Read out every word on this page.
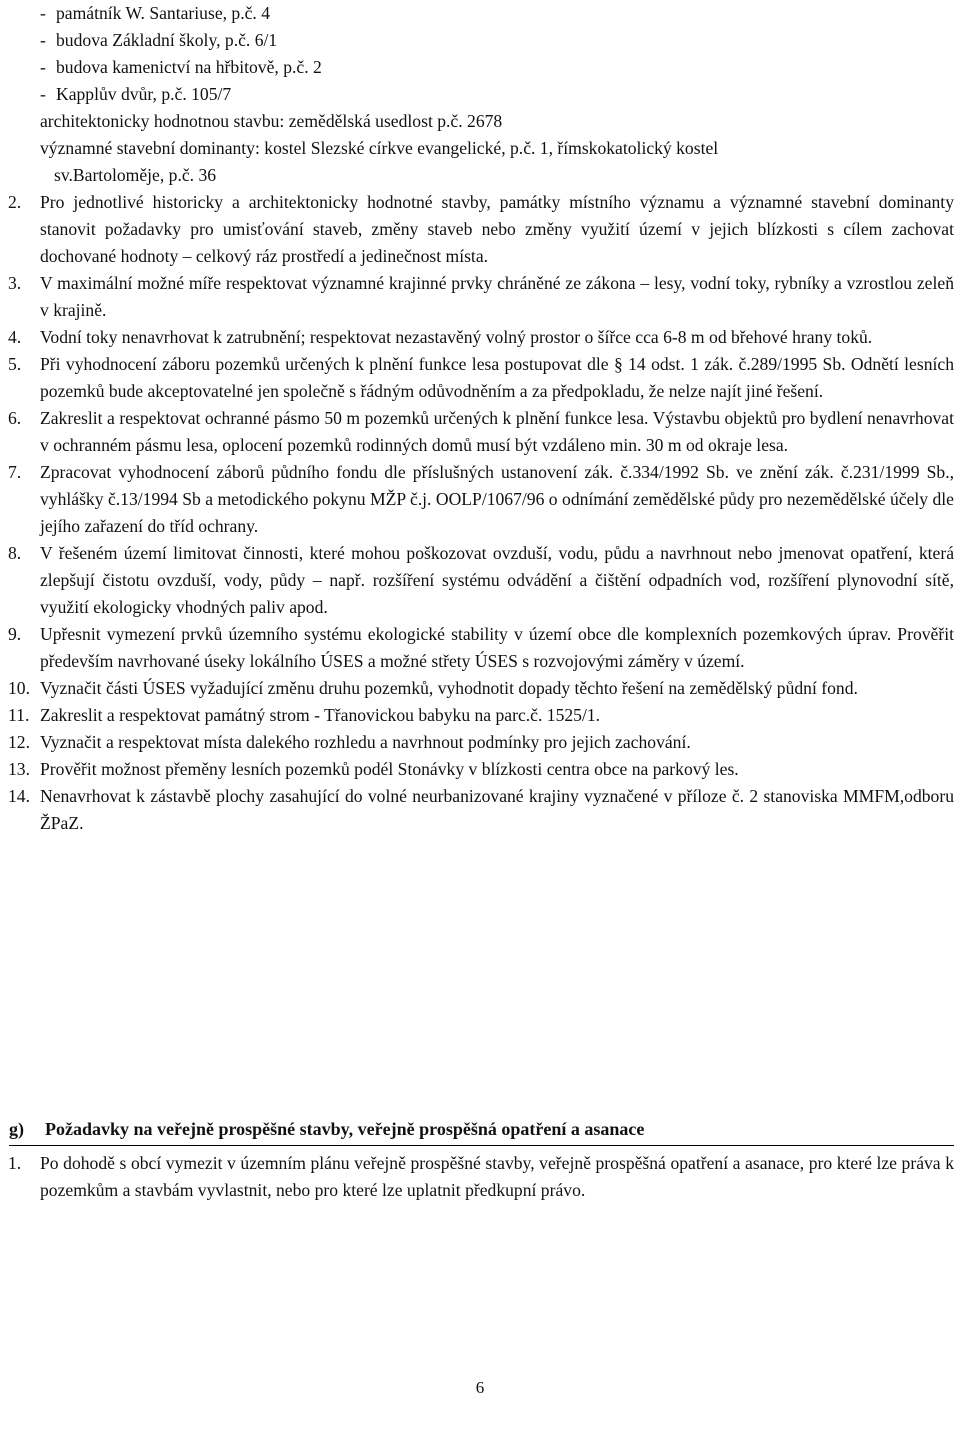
- památník W. Santariuse, p.č. 4
- budova Základní školy, p.č. 6/1
- budova kamenictví na hřbitově, p.č. 2
- Kapplův dvůr, p.č. 105/7
architektonicky hodnotnou stavbu: zemědělská usedlost p.č. 2678
významné stavební dominanty: kostel Slezské církve evangelické, p.č. 1, římskokatolický kostel
sv.Bartoloměje, p.č. 36
2.	Pro jednotlivé historicky a architektonicky hodnotné stavby, památky místního významu a významné stavební dominanty stanovit požadavky pro umisťování staveb, změny staveb nebo změny využití území v jejich blízkosti s cílem zachovat dochované hodnoty – celkový ráz prostředí a jedinečnost místa.
3.	V maximální možné míře respektovat významné krajinné prvky chráněné ze zákona – lesy, vodní toky, rybníky a vzrostlou zeleň v krajině.
4.	Vodní toky nenavrhovat k zatrubnění; respektovat nezastavěný volný prostor o šířce cca 6-8 m od břehové hrany toků.
5.	Při vyhodnocení záboru pozemků určených k plnění funkce lesa postupovat dle § 14 odst. 1 zák. č.289/1995 Sb. Odnětí lesních pozemků bude akceptovatelné jen společně s řádným odůvodněním a za předpokladu, že nelze najít jiné řešení.
6.	Zakreslit a respektovat ochranné pásmo 50 m pozemků určených k plnění funkce lesa. Výstavbu objektů pro bydlení nenavrhovat v ochranném pásmu lesa, oplocení pozemků rodinných domů musí být vzdáleno min. 30 m od okraje lesa.
7.	Zpracovat vyhodnocení záborů půdního fondu dle příslušných ustanovení zák. č.334/1992 Sb. ve znění zák. č.231/1999 Sb., vyhlášky č.13/1994 Sb a metodického pokynu MŽP č.j. OOLP/1067/96 o odnímání zemědělské půdy pro nezemědělské účely dle jejího zařazení do tříd ochrany.
8.	V řešeném území limitovat činnosti, které mohou poškozovat ovzduší, vodu, půdu a navrhnout nebo jmenovat opatření, která zlepšují čistotu ovzduší, vody, půdy – např. rozšíření systému odvádění a čištění odpadních vod, rozšíření plynovodní sítě, využití ekologicky vhodných paliv apod.
9.	Upřesnit vymezení prvků územního systému ekologické stability v území obce dle komplexních pozemkových úprav. Prověřit především navrhované úseky lokálního ÚSES a možné střety ÚSES s rozvojovými záměry v území.
10. Vyznačit části ÚSES vyžadující změnu druhu pozemků, vyhodnotit dopady těchto řešení na zemědělský půdní fond.
11. Zakreslit a respektovat památný strom - Třanovickou babyku na parc.č. 1525/1.
12. Vyznačit a respektovat místa dalekého rozhledu a navrhnout podmínky pro jejich zachování.
13. Prověřit možnost přeměny lesních pozemků podél Stonávky v blízkosti centra obce na parkový les.
14. Nenavrhovat k zástavbě plochy zasahující do volné neurbanizované krajiny vyznačené v příloze č. 2 stanoviska MMFM,odboru ŽPaZ.
g) Požadavky na veřejně prospěšné stavby, veřejně prospěšná opatření a asanace
1.	Po dohodě s obcí vymezit v územním plánu veřejně prospěšné stavby, veřejně prospěšná opatření a asanace, pro které lze práva k pozemkům a stavbám vyvlastnit, nebo pro které lze uplatnit předkupní právo.
6
